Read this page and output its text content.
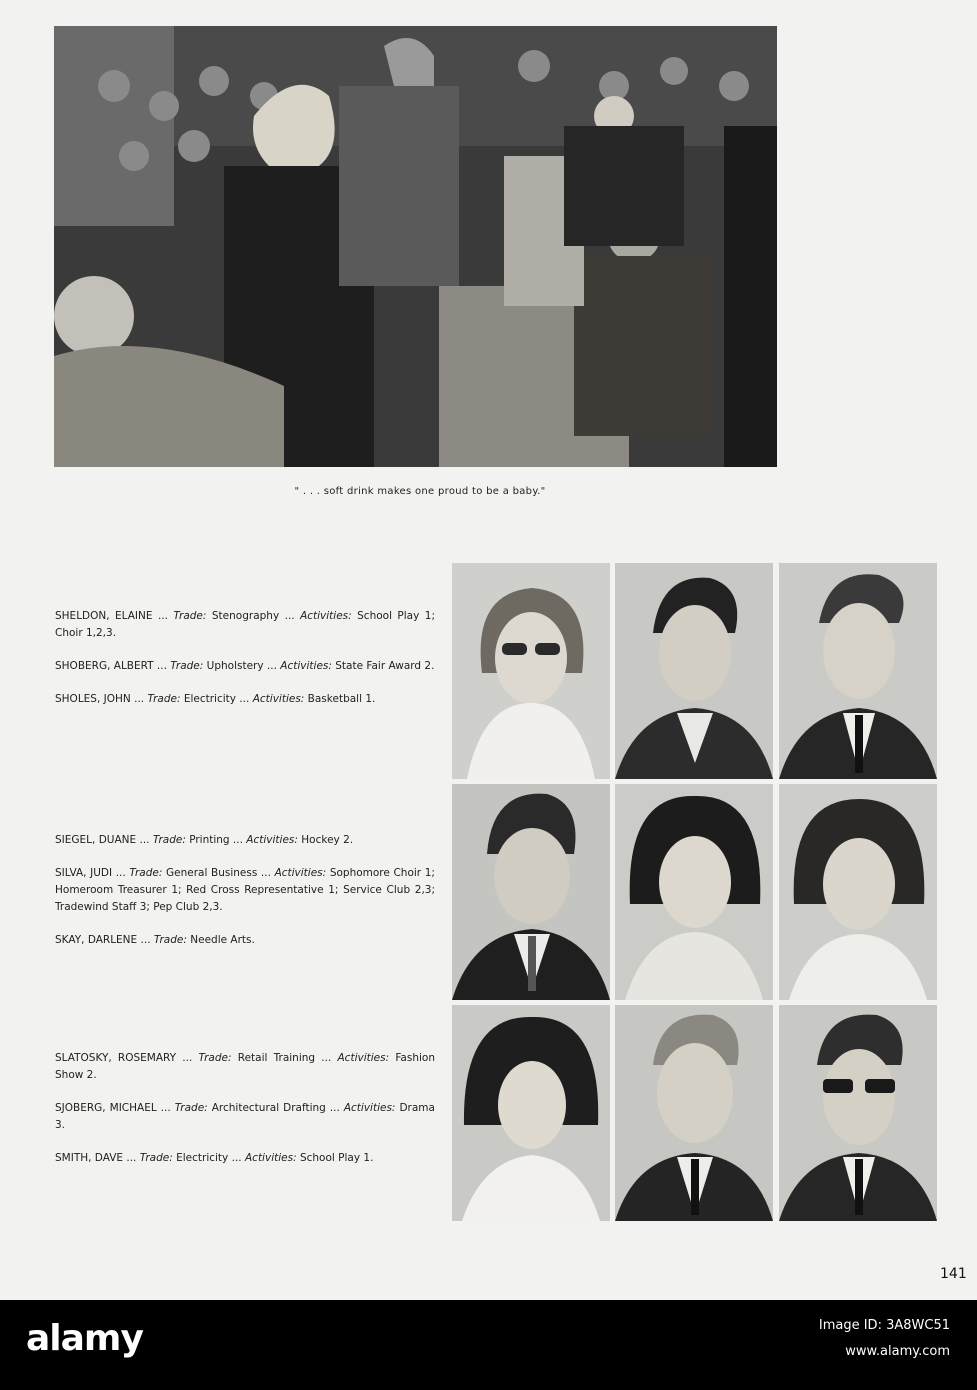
" . . . soft drink makes one proud to be a baby."
SHELDON, ELAINE ... Trade: Stenography ... Activities: School Play 1; Choir 1,2,3.
SHOBERG, ALBERT ... Trade: Upholstery ... Activities: State Fair Award 2.
SHOLES, JOHN ... Trade: Electricity ... Activities: Basketball 1.
SIEGEL, DUANE ... Trade: Printing ... Activities: Hockey 2.
SILVA, JUDI ... Trade: General Business ... Activities: Sophomore Choir 1; Homeroom Treasurer 1; Red Cross Representative 1; Service Club 2,3; Tradewind Staff 3; Pep Club 2,3.
SKAY, DARLENE ... Trade: Needle Arts.
SLATOSKY, ROSEMARY ... Trade: Retail Training ... Activities: Fashion Show 2.
SJOBERG, MICHAEL ... Trade: Architectural Drafting ... Activities: Drama 3.
SMITH, DAVE ... Trade: Electricity ... Activities: School Play 1.
141
alamy	Image ID: 3A8WC51
www.alamy.com
